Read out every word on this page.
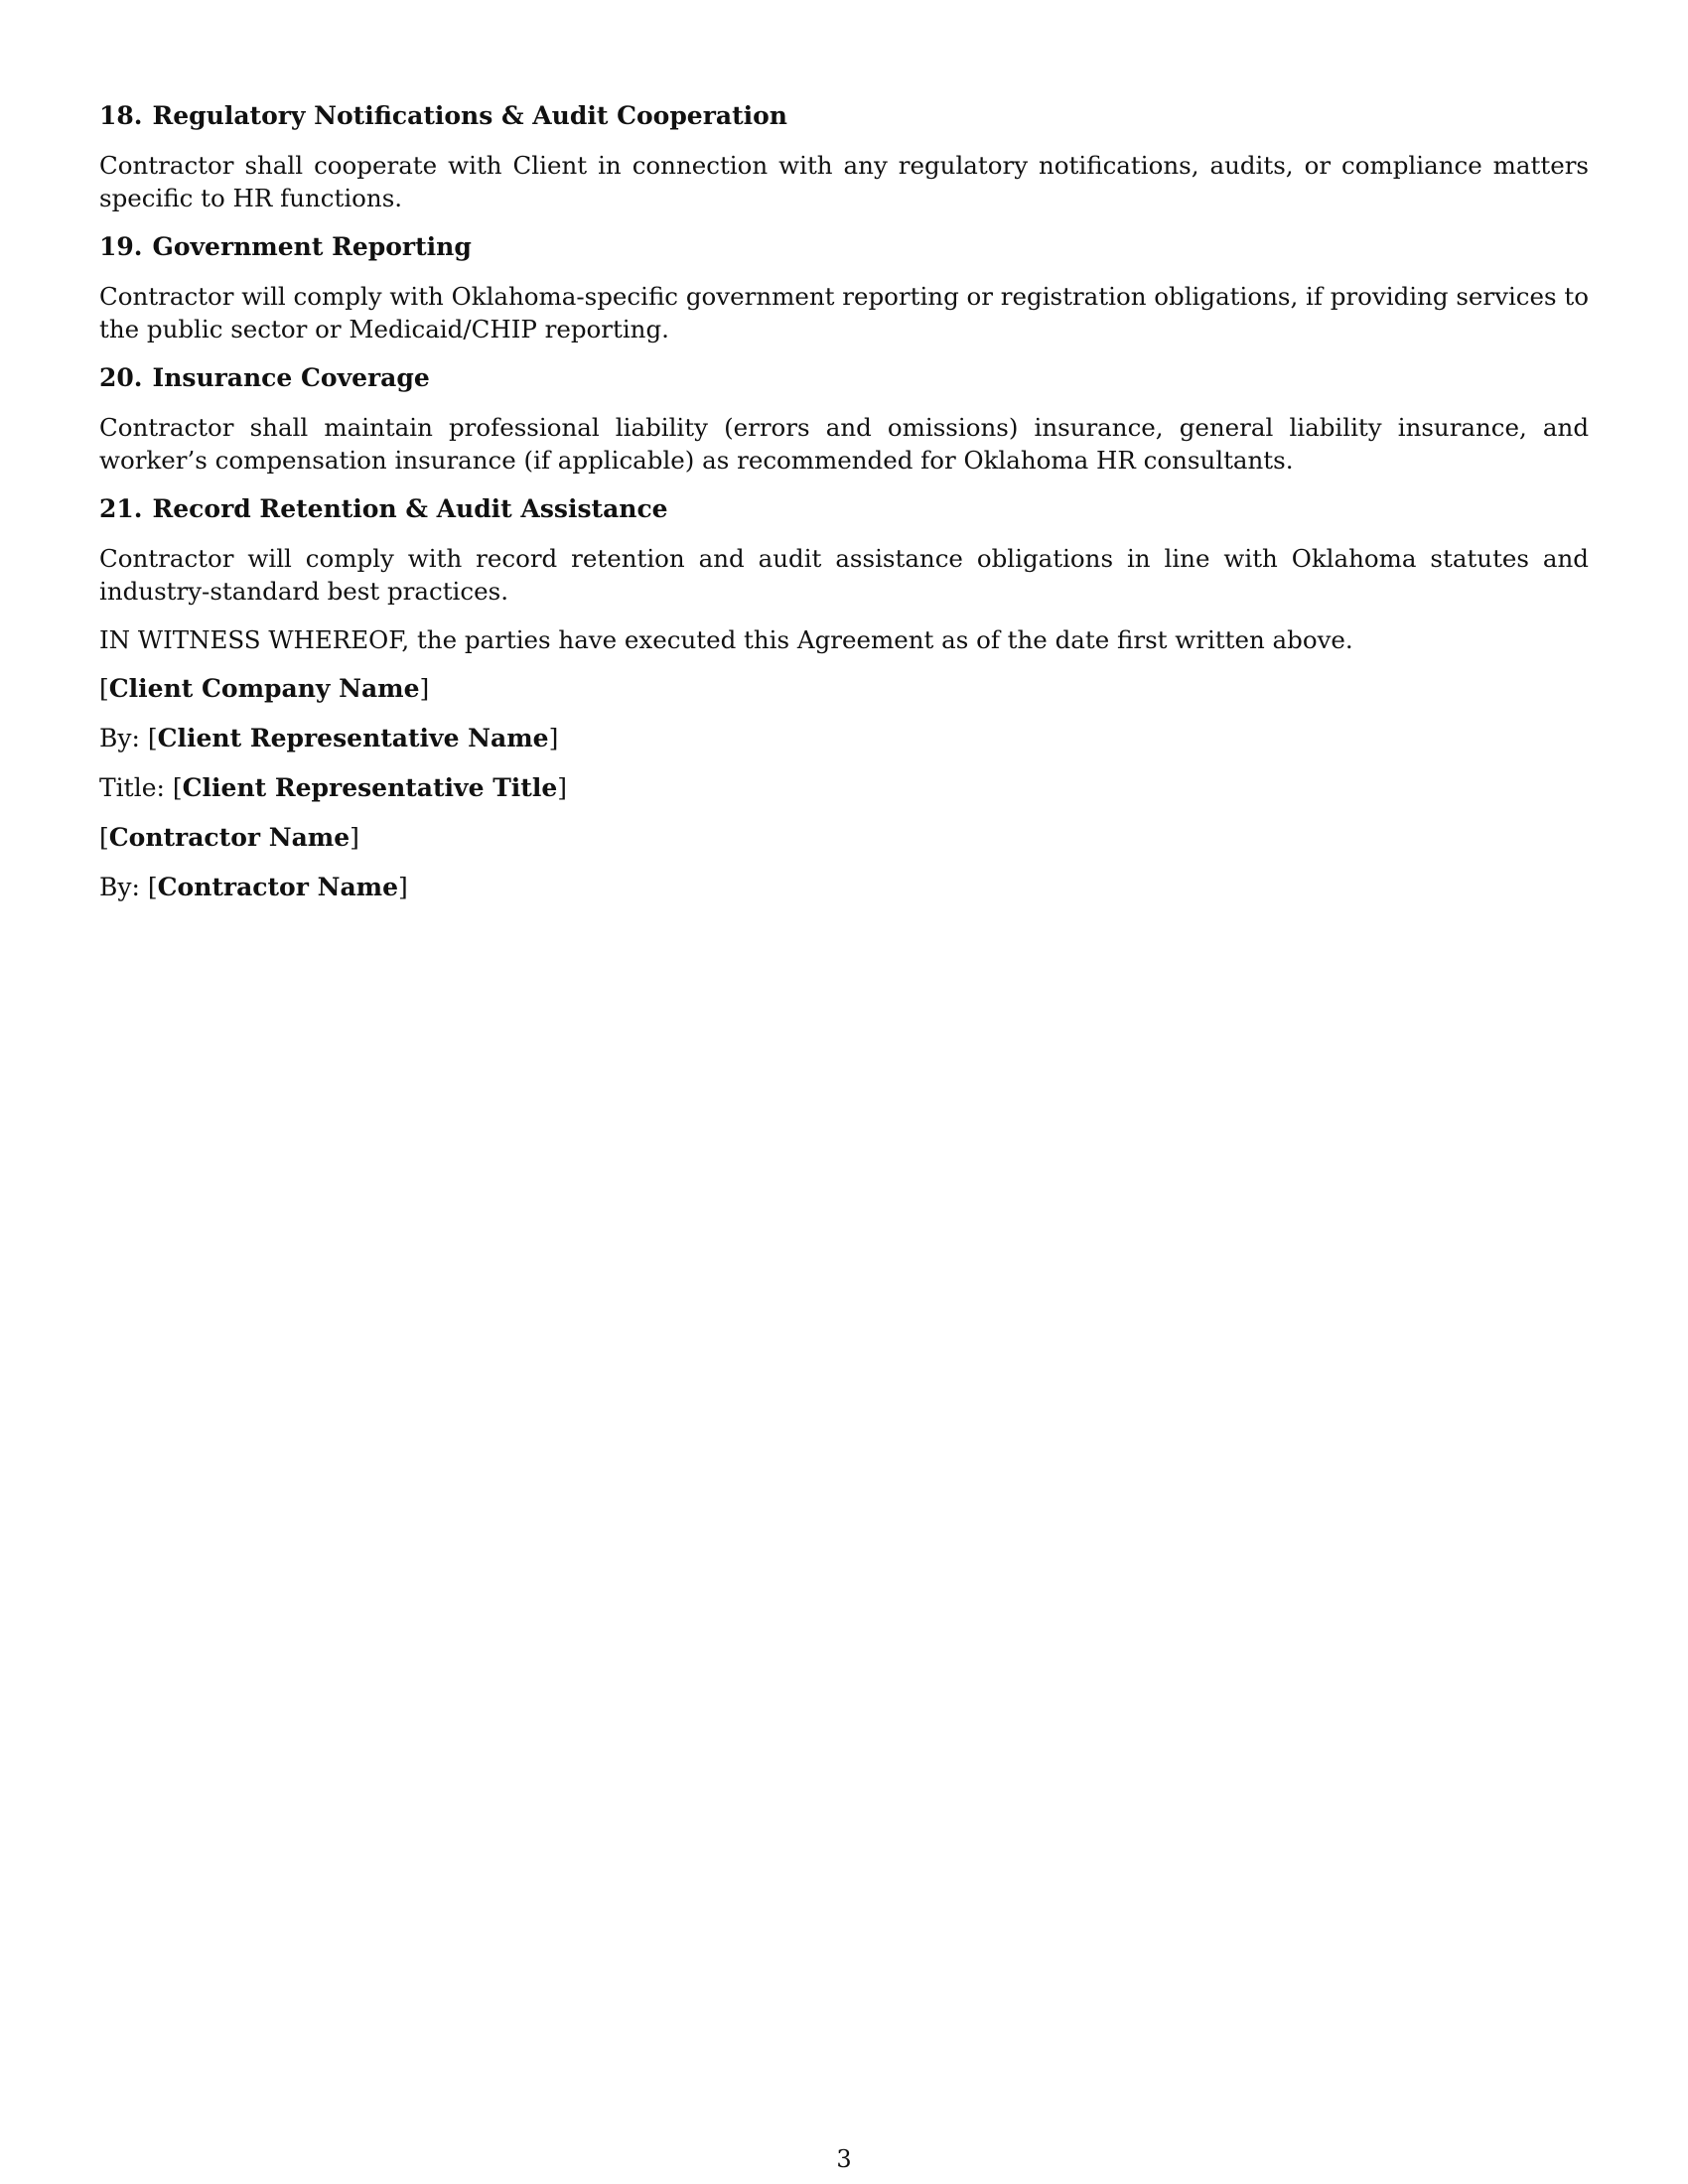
18. Regulatory Notifications & Audit Cooperation

Contractor shall cooperate with Client in connection with any regulatory notifications, audits, or compliance matters specific to HR functions.

19. Government Reporting

Contractor will comply with Oklahoma-specific government reporting or registration obligations, if providing services to the public sector or Medicaid/CHIP reporting.

20. Insurance Coverage

Contractor shall maintain professional liability (errors and omissions) insurance, general liability insurance, and worker’s compensation insurance (if applicable) as recommended for Oklahoma HR consultants.

21. Record Retention & Audit Assistance

Contractor will comply with record retention and audit assistance obligations in line with Oklahoma statutes and industry-standard best practices.

IN WITNESS WHEREOF, the parties have executed this Agreement as of the date first written above.

[Client Company Name]
By: [Client Representative Name]
Title: [Client Representative Title]
[Contractor Name]
By: [Contractor Name]
3
